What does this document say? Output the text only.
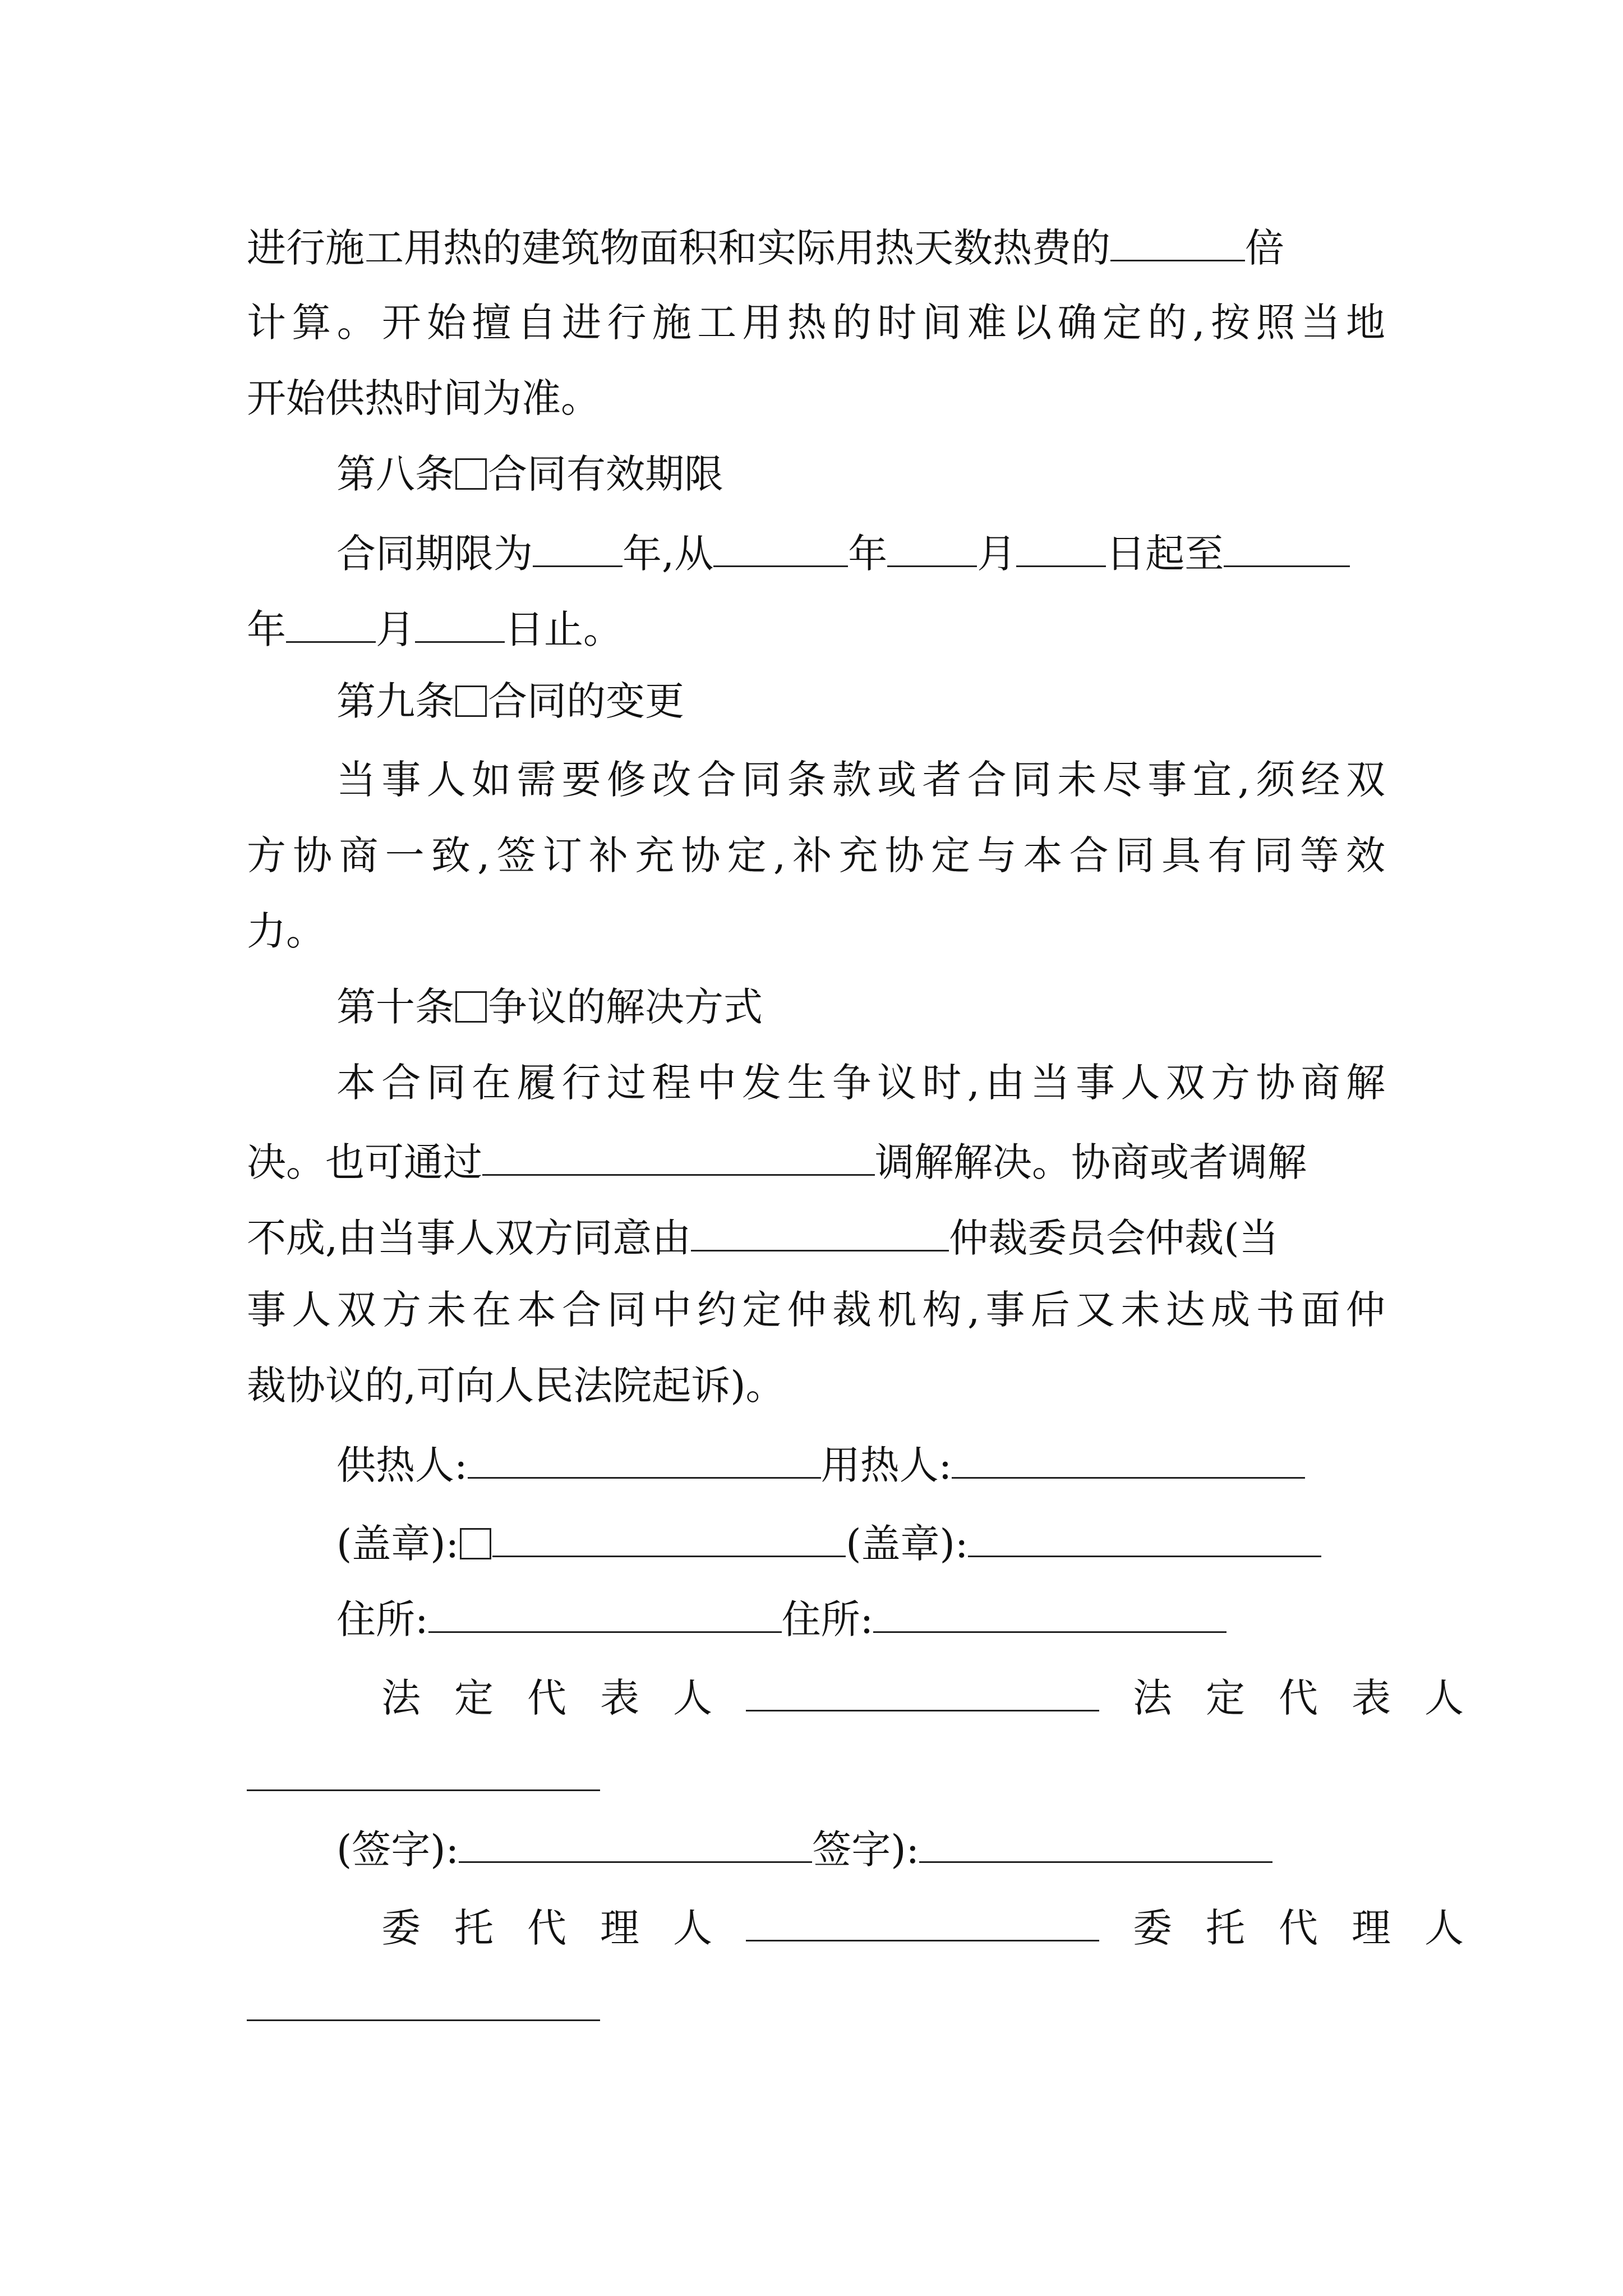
进行施工用热的建筑物面积和实际用热天数热费的	倍
计算。开始擅自进行施工用热的时间难以确定的,按照当地
开始供热时间为准。
第八条 合同有效期限
合同期限为 年,从	年 月 日起至
年 月 日止。
第九条 合同的变更
当事人如需要修改合同条款或者合同未尽事宜,须经双
方协商一致,签订补充协定,补充协定与本合同具有同等效
力。
第十条 争议的解决方式
本合同在履行过程中发生争议时,由当事人双方协商解
决。也可通过	调解解决。协商或者调解
不成,由当事人双方同意由	仲裁委员会仲裁(当
事人双方未在本合同中约定仲裁机构,事后又未达成书面仲
裁协议的,可向人民法院起诉)。
供热人:	用热人:
(盖章):	(盖章):
住所:	住所:
法定代表人	法定代表人
(签字):	签字):
委托代理人	委托代理人
